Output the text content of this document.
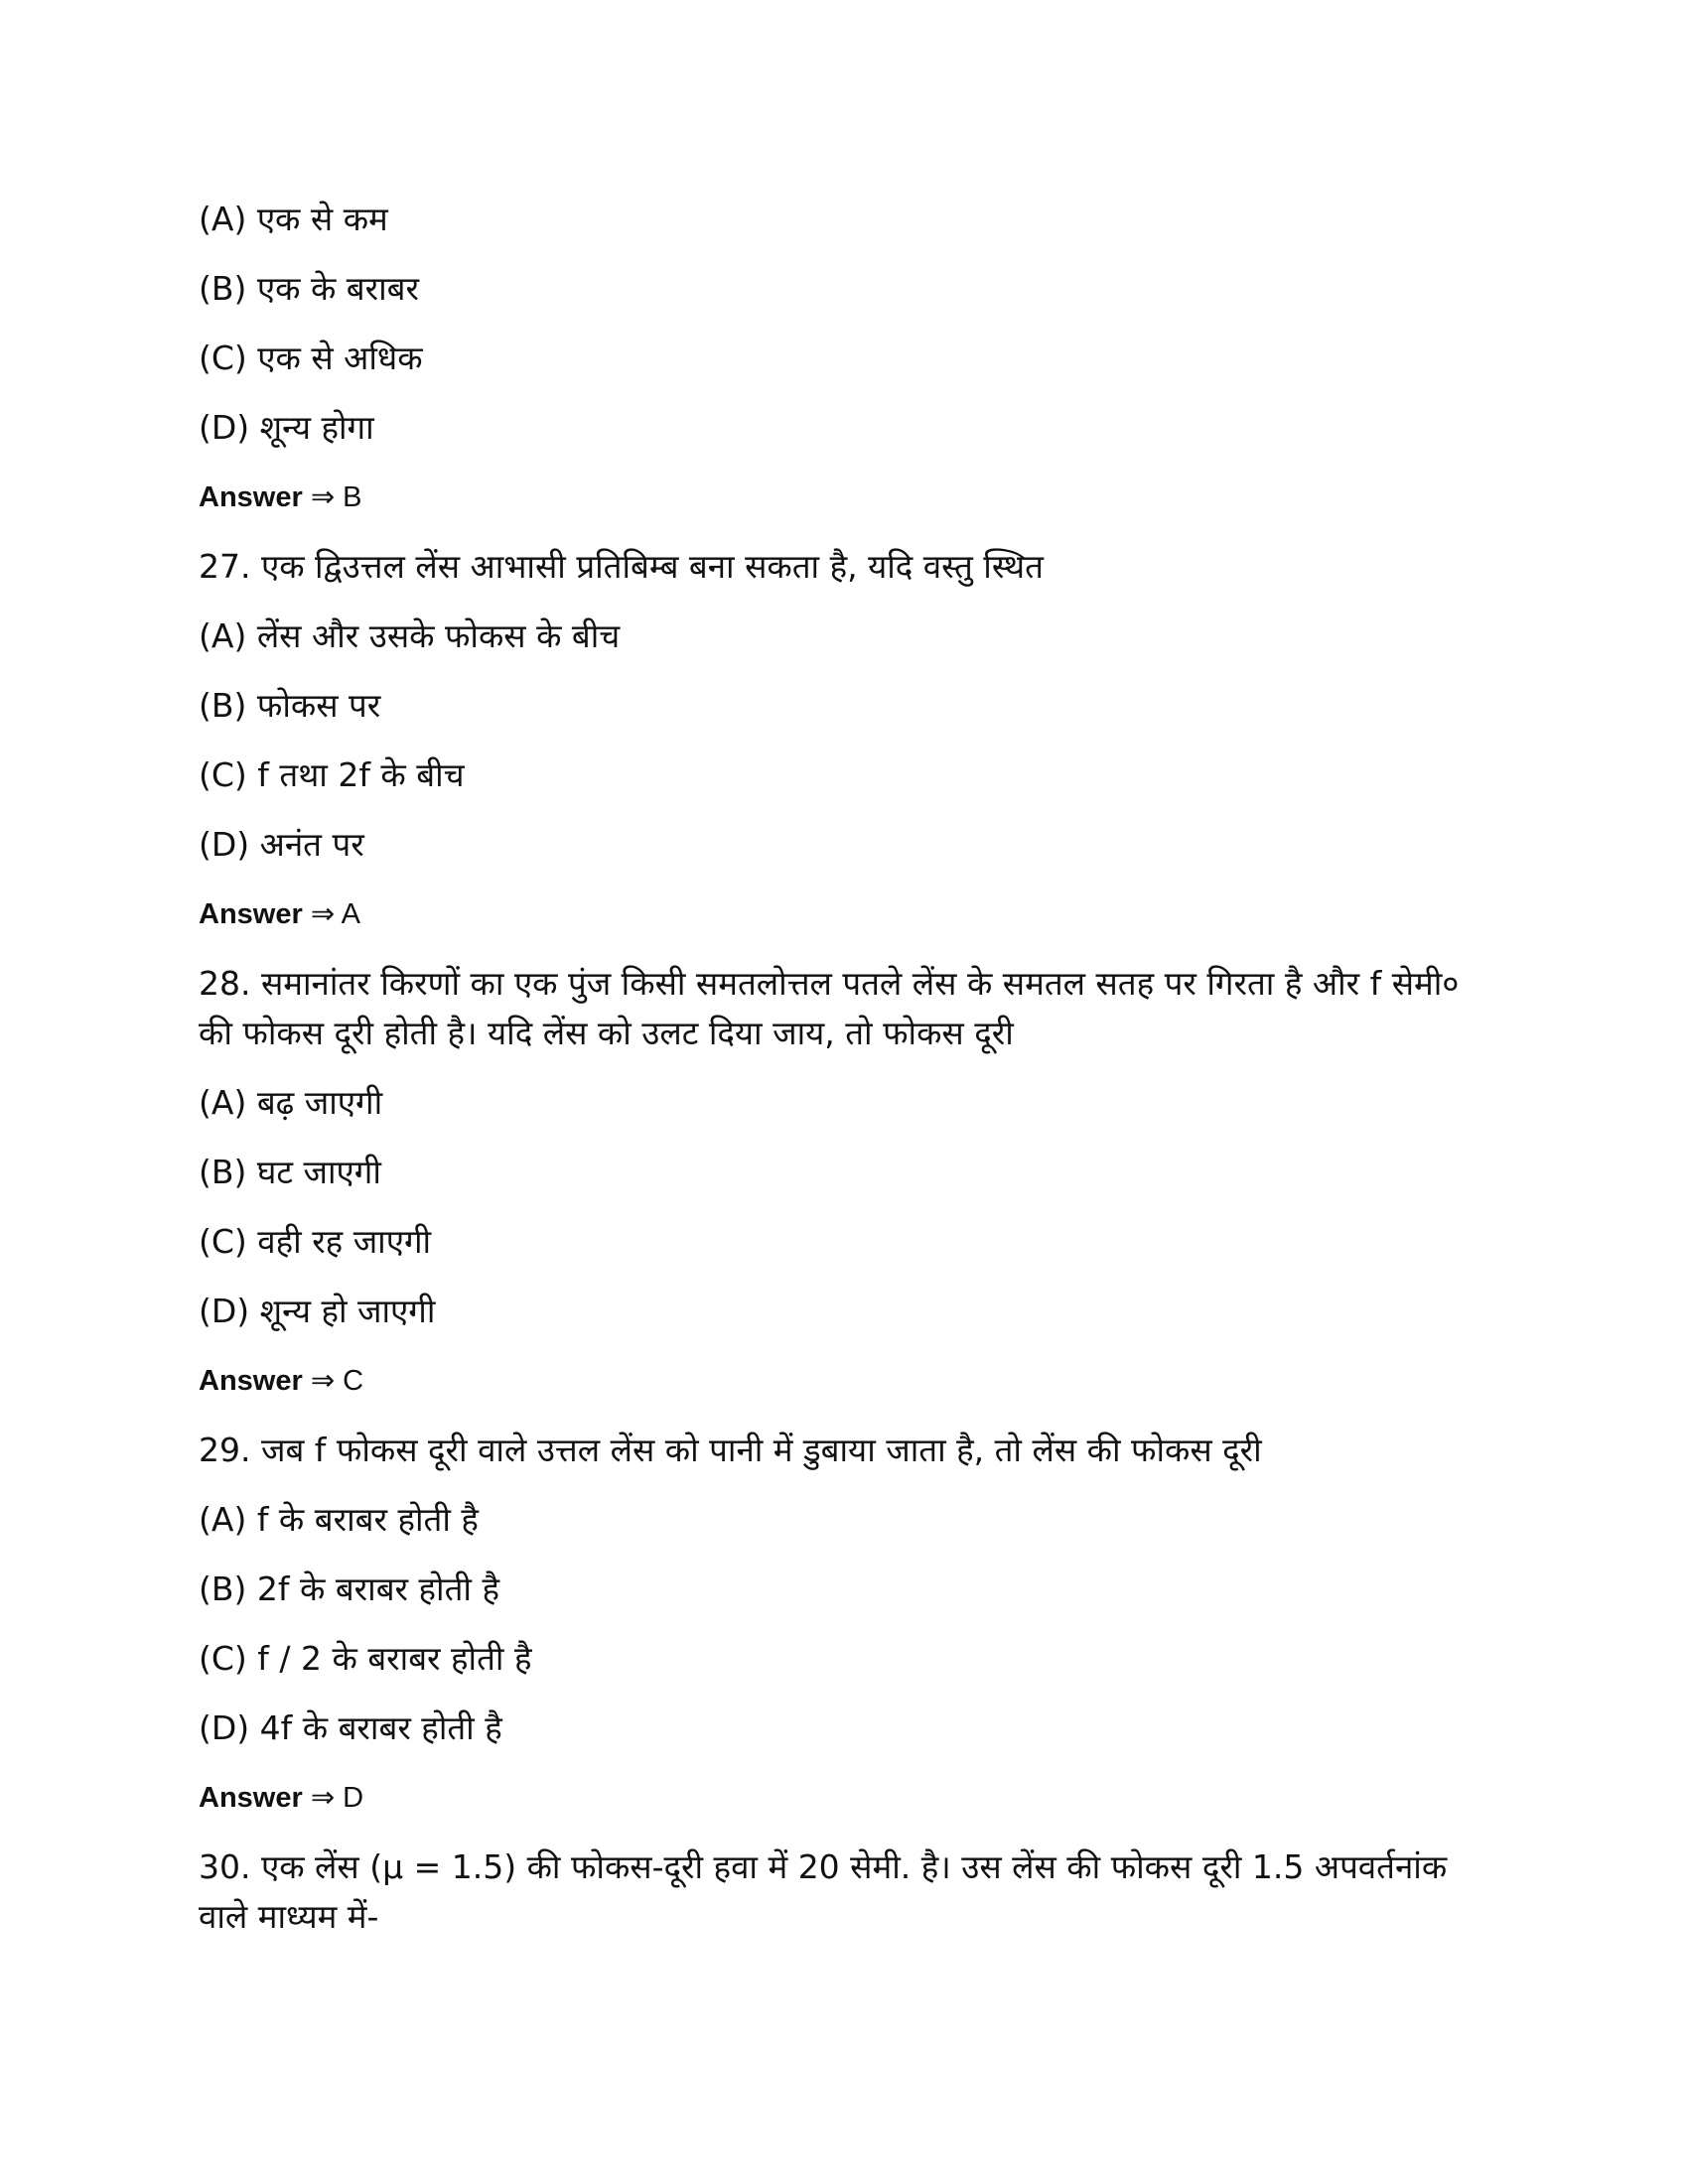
(A) एक से कम
(B) एक के बराबर
(C) एक से अधिक
(D) शून्य होगा
Answer ⇒ B
27. एक द्विउत्तल लेंस आभासी प्रतिबिम्ब बना सकता है, यदि वस्तु स्थित
(A) लेंस और उसके फोकस के बीच
(B) फोकस पर
(C) f तथा 2f के बीच
(D) अनंत पर
Answer ⇒ A
28. समानांतर किरणों का एक पुंज किसी समतलोत्तल पतले लेंस के समतल सतह पर गिरता है और f सेमी० की फोकस दूरी होती है। यदि लेंस को उलट दिया जाय, तो फोकस दूरी
(A) बढ़ जाएगी
(B) घट जाएगी
(C) वही रह जाएगी
(D) शून्य हो जाएगी
Answer ⇒ C
29. जब f फोकस दूरी वाले उत्तल लेंस को पानी में डुबाया जाता है, तो लेंस की फोकस दूरी
(A) f के बराबर होती है
(B) 2f के बराबर होती है
(C) f / 2 के बराबर होती है
(D) 4f के बराबर होती है
Answer ⇒ D
30. एक लेंस (μ = 1.5) की फोकस-दूरी हवा में 20 सेमी. है। उस लेंस की फोकस दूरी 1.5 अपवर्तनांक वाले माध्यम में-
